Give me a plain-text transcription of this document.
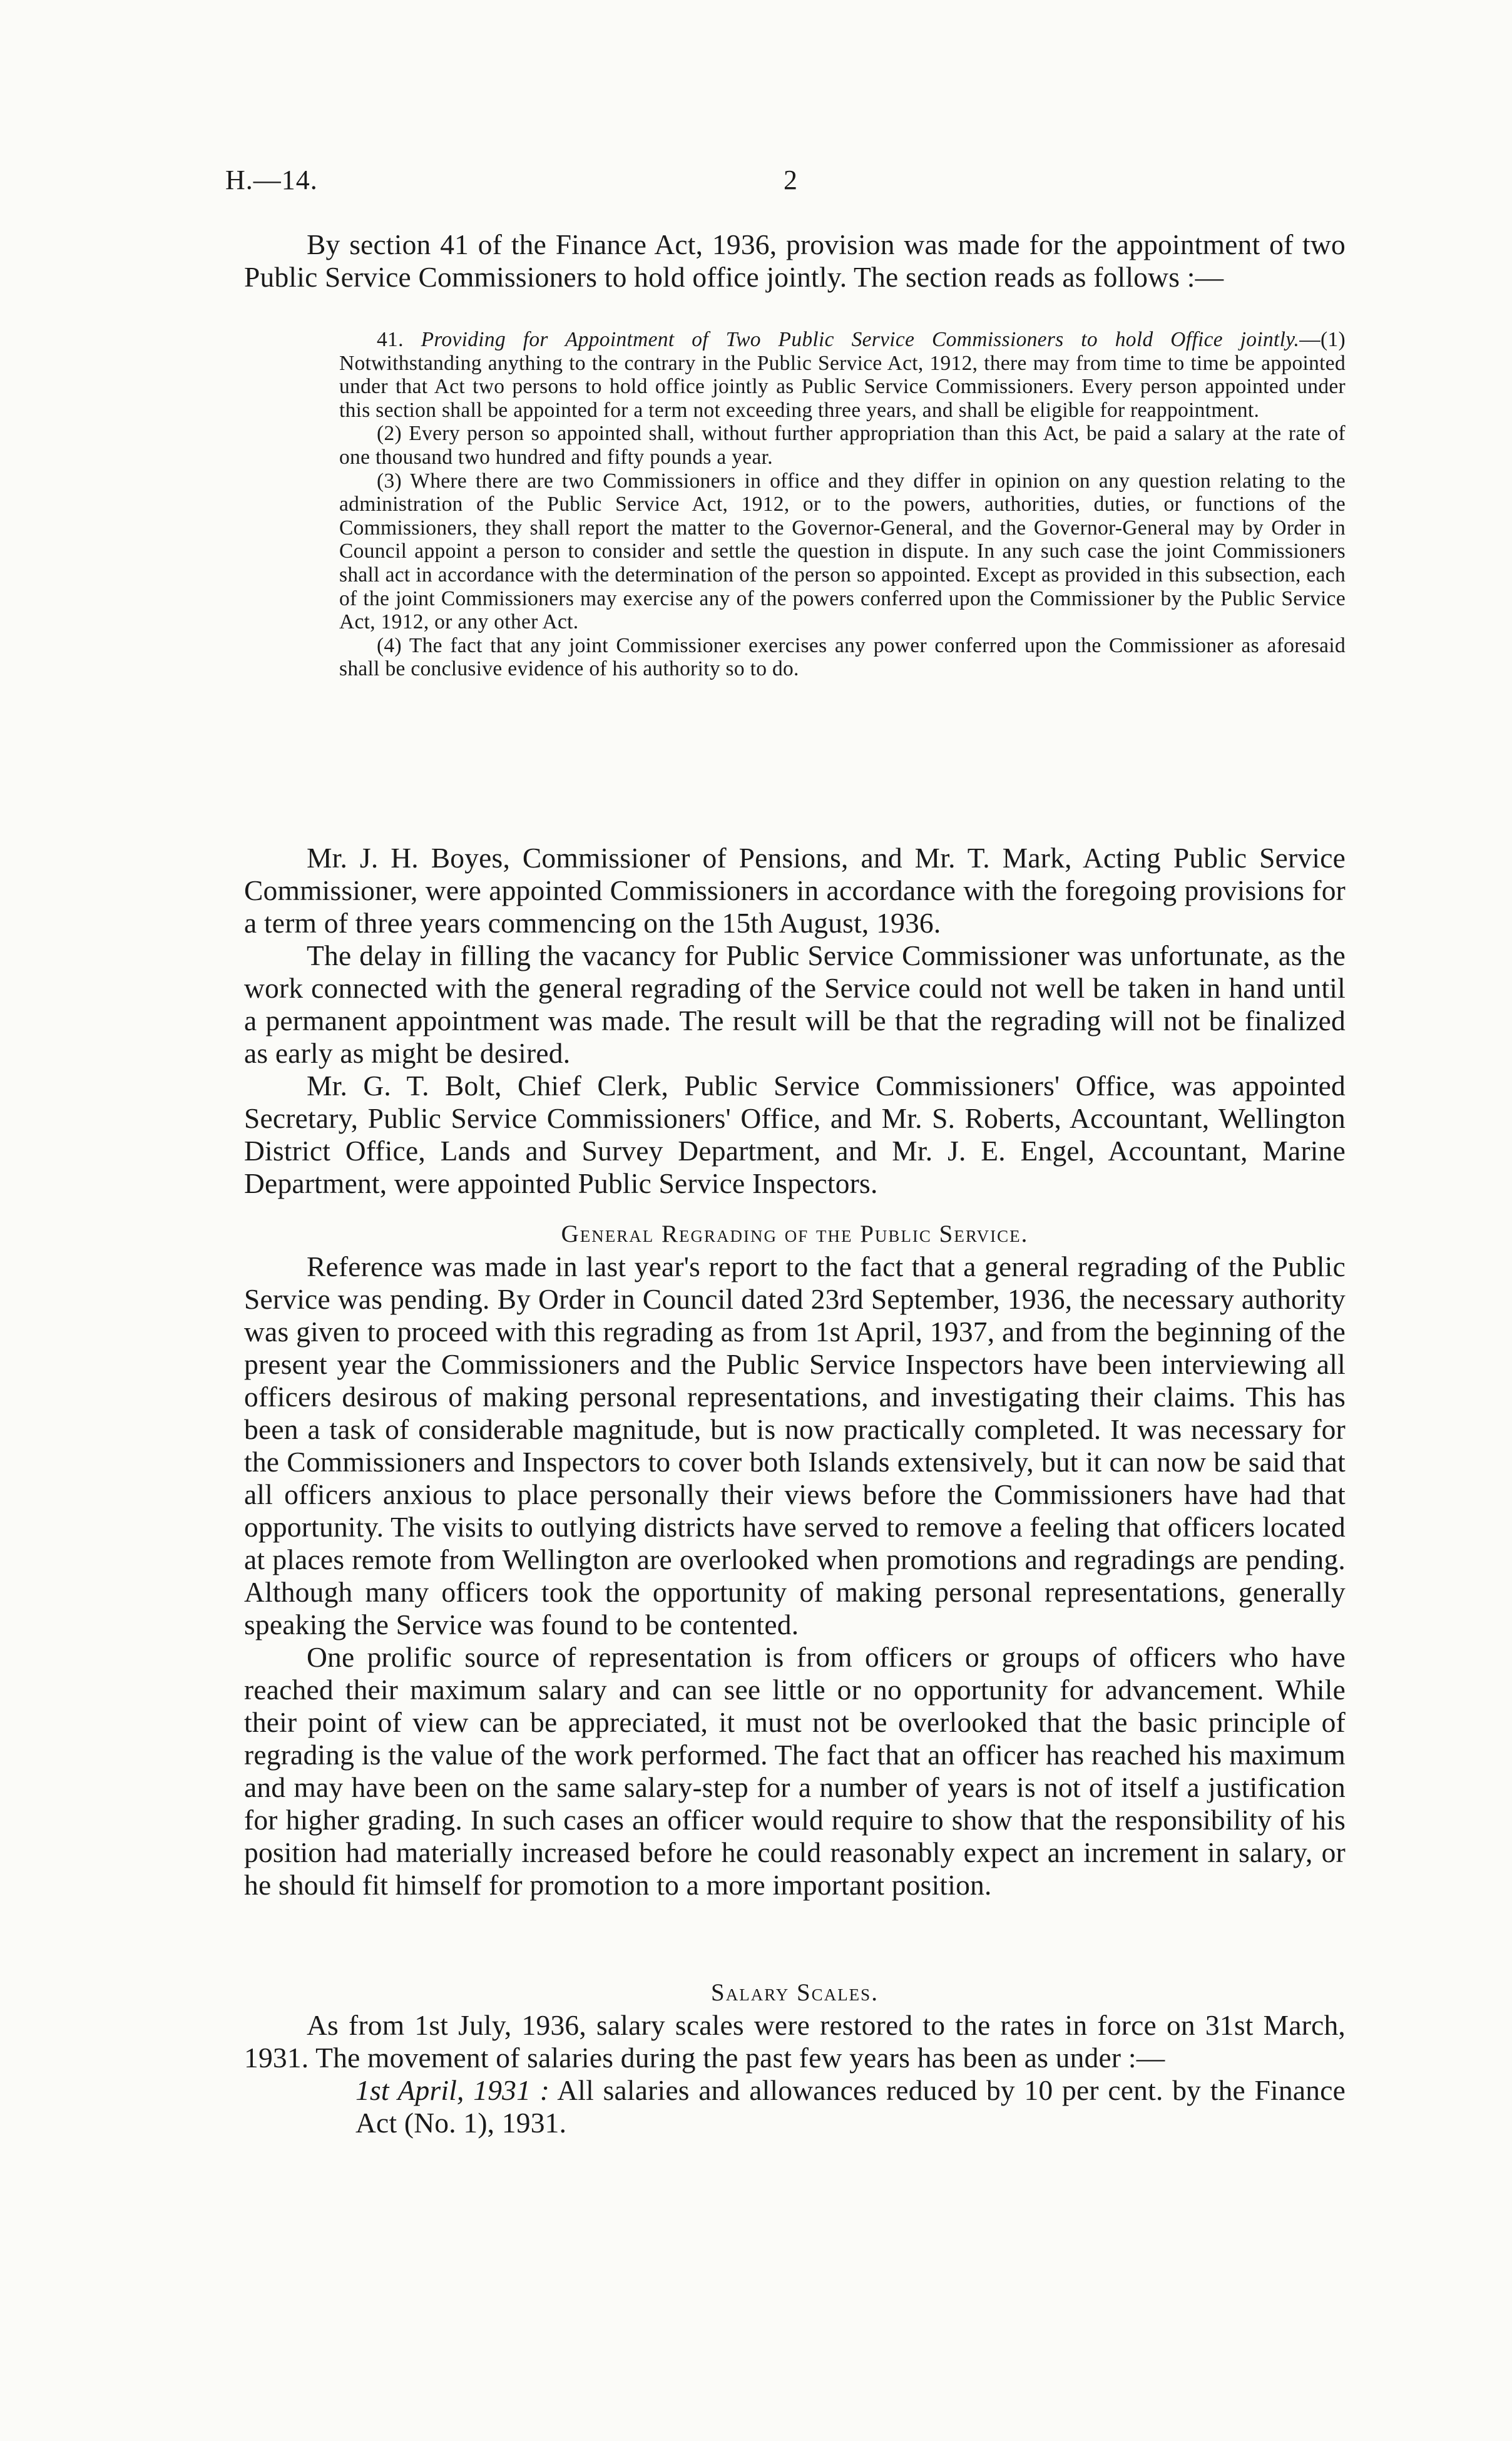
H.—14.	2

By section 41 of the Finance Act, 1936, provision was made for the appointment of two Public Service Commissioners to hold office jointly. The section reads as follows :—

41. Providing for Appointment of Two Public Service Commissioners to hold Office jointly.—(1) Notwithstanding anything to the contrary in the Public Service Act, 1912, there may from time to time be appointed under that Act two persons to hold office jointly as Public Service Commissioners. Every person appointed under this section shall be appointed for a term not exceeding three years, and shall be eligible for reappointment.

(2) Every person so appointed shall, without further appropriation than this Act, be paid a salary at the rate of one thousand two hundred and fifty pounds a year.

(3) Where there are two Commissioners in office and they differ in opinion on any question relating to the administration of the Public Service Act, 1912, or to the powers, authorities, duties, or functions of the Commissioners, they shall report the matter to the Governor-General, and the Governor-General may by Order in Council appoint a person to consider and settle the question in dispute. In any such case the joint Commissioners shall act in accordance with the determination of the person so appointed. Except as provided in this subsection, each of the joint Commissioners may exercise any of the powers conferred upon the Commissioner by the Public Service Act, 1912, or any other Act.

(4) The fact that any joint Commissioner exercises any power conferred upon the Commissioner as aforesaid shall be conclusive evidence of his authority so to do.

Mr. J. H. Boyes, Commissioner of Pensions, and Mr. T. Mark, Acting Public Service Commissioner, were appointed Commissioners in accordance with the foregoing provisions for a term of three years commencing on the 15th August, 1936.

The delay in filling the vacancy for Public Service Commissioner was unfortunate, as the work connected with the general regrading of the Service could not well be taken in hand until a permanent appointment was made. The result will be that the regrading will not be finalized as early as might be desired.

Mr. G. T. Bolt, Chief Clerk, Public Service Commissioners' Office, was appointed Secretary, Public Service Commissioners' Office, and Mr. S. Roberts, Accountant, Wellington District Office, Lands and Survey Department, and Mr. J. E. Engel, Accountant, Marine Department, were appointed Public Service Inspectors.

General Regrading of the Public Service.

Reference was made in last year's report to the fact that a general regrading of the Public Service was pending. By Order in Council dated 23rd September, 1936, the necessary authority was given to proceed with this regrading as from 1st April, 1937, and from the beginning of the present year the Commissioners and the Public Service Inspectors have been interviewing all officers desirous of making personal representations, and investigating their claims. This has been a task of considerable magnitude, but is now practically completed. It was necessary for the Commissioners and Inspectors to cover both Islands extensively, but it can now be said that all officers anxious to place personally their views before the Commissioners have had that opportunity. The visits to outlying districts have served to remove a feeling that officers located at places remote from Wellington are overlooked when promotions and regradings are pending. Although many officers took the opportunity of making personal representations, generally speaking the Service was found to be contented.

One prolific source of representation is from officers or groups of officers who have reached their maximum salary and can see little or no opportunity for advancement. While their point of view can be appreciated, it must not be overlooked that the basic principle of regrading is the value of the work performed. The fact that an officer has reached his maximum and may have been on the same salary-step for a number of years is not of itself a justification for higher grading. In such cases an officer would require to show that the responsibility of his position had materially increased before he could reasonably expect an increment in salary, or he should fit himself for promotion to a more important position.

Salary Scales.

As from 1st July, 1936, salary scales were restored to the rates in force on 31st March, 1931. The movement of salaries during the past few years has been as under :—

1st April, 1931 : All salaries and allowances reduced by 10 per cent. by the Finance Act (No. 1), 1931.
